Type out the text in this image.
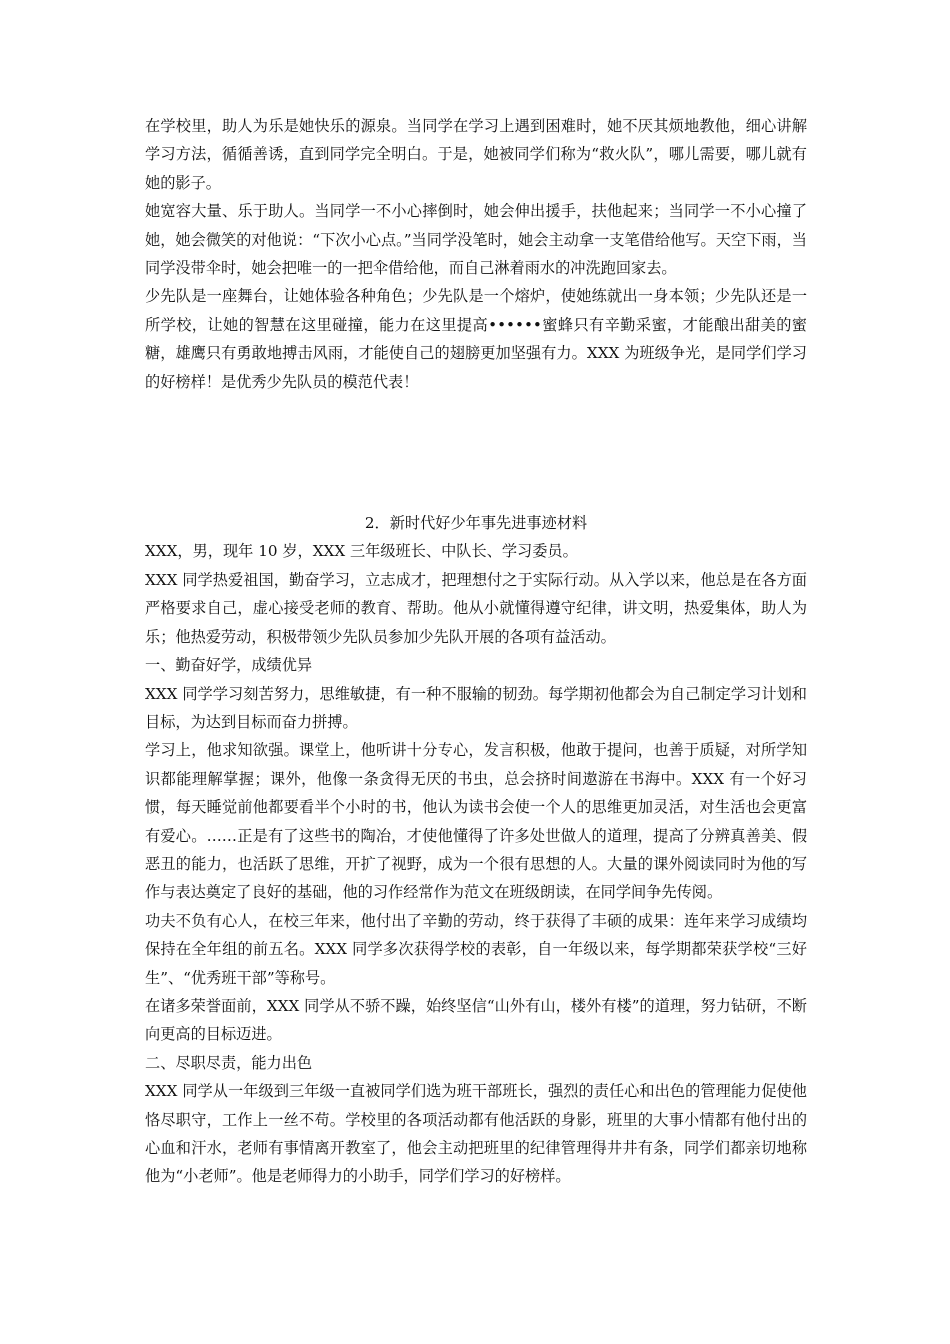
在学校里，助人为乐是她快乐的源泉。当同学在学习上遇到困难时，她不厌其烦地教他，细心讲解学习方法，循循善诱，直到同学完全明白。于是，她被同学们称为“救火队”，哪儿需要，哪儿就有她的影子。

她宽容大量、乐于助人。当同学一不小心摔倒时，她会伸出援手，扶他起来；当同学一不小心撞了她，她会微笑的对他说：“下次小心点。”当同学没笔时，她会主动拿一支笔借给他写。天空下雨，当同学没带伞时，她会把唯一的一把伞借给他，而自己淋着雨水的冲洗跑回家去。

少先队是一座舞台，让她体验各种角色；少先队是一个熔炉，使她练就出一身本领；少先队还是一所学校，让她的智慧在这里碰撞，能力在这里提高••••••蜜蜂只有辛勤采蜜，才能酿出甜美的蜜糖，雄鹰只有勇敢地搏击风雨，才能使自己的翅膀更加坚强有力。XXX 为班级争光，是同学们学习的好榜样！是优秀少先队员的模范代表！

2．新时代好少年事先进事迹材料

XXX，男，现年 10 岁，XXX 三年级班长、中队长、学习委员。

XXX 同学热爱祖国，勤奋学习，立志成才，把理想付之于实际行动。从入学以来，他总是在各方面严格要求自己，虚心接受老师的教育、帮助。他从小就懂得遵守纪律，讲文明，热爱集体，助人为乐；他热爱劳动，积极带领少先队员参加少先队开展的各项有益活动。

一、勤奋好学，成绩优异

XXX 同学学习刻苦努力，思维敏捷，有一种不服输的韧劲。每学期初他都会为自己制定学习计划和目标，为达到目标而奋力拼搏。

学习上，他求知欲强。课堂上，他听讲十分专心，发言积极，他敢于提问，也善于质疑，对所学知识都能理解掌握；课外，他像一条贪得无厌的书虫，总会挤时间遨游在书海中。XXX 有一个好习惯，每天睡觉前他都要看半个小时的书，他认为读书会使一个人的思维更加灵活，对生活也会更富有爱心。……正是有了这些书的陶冶，才使他懂得了许多处世做人的道理，提高了分辨真善美、假恶丑的能力，也活跃了思维，开扩了视野，成为一个很有思想的人。大量的课外阅读同时为他的写作与表达奠定了良好的基础，他的习作经常作为范文在班级朗读，在同学间争先传阅。

功夫不负有心人，在校三年来，他付出了辛勤的劳动，终于获得了丰硕的成果：连年来学习成绩均保持在全年组的前五名。XXX 同学多次获得学校的表彰，自一年级以来，每学期都荣获学校“三好生”、“优秀班干部”等称号。

在诸多荣誉面前，XXX 同学从不骄不躁，始终坚信“山外有山，楼外有楼”的道理，努力钻研，不断向更高的目标迈进。

二、尽职尽责，能力出色

XXX 同学从一年级到三年级一直被同学们选为班干部班长，强烈的责任心和出色的管理能力促使他恪尽职守，工作上一丝不苟。学校里的各项活动都有他活跃的身影，班里的大事小情都有他付出的心血和汗水，老师有事情离开教室了，他会主动把班里的纪律管理得井井有条，同学们都亲切地称他为“小老师”。他是老师得力的小助手，同学们学习的好榜样。
